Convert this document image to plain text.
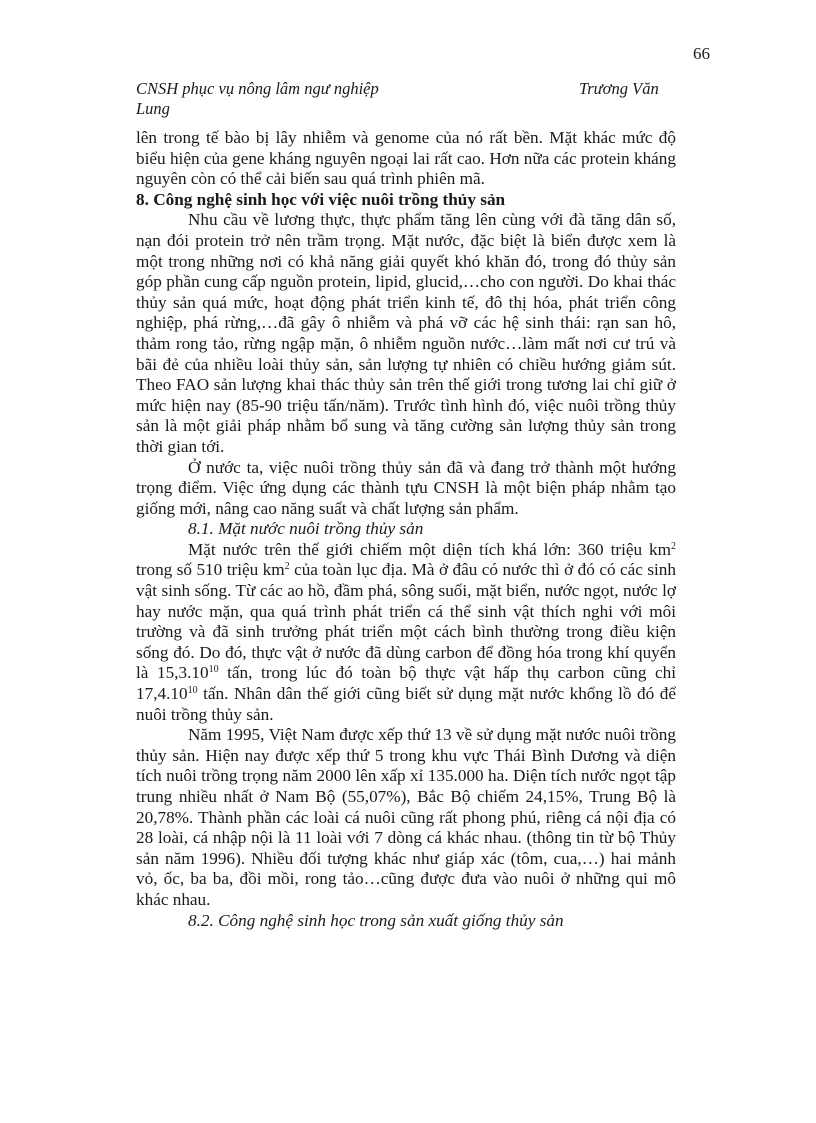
66
CNSH phục vụ nông lâm ngư nghiệp	Trương Văn
Lung

lên trong tế bào bị lây nhiễm và genome của nó rất bền. Mặt khác mức độ biểu hiện của gene kháng nguyên ngoại lai rất cao. Hơn nữa các protein kháng nguyên còn có thể cải biến sau quá trình phiên mã.

8. Công nghệ sinh học với việc nuôi trồng thủy sản

Nhu cầu về lương thực, thực phẩm tăng lên cùng với đà tăng dân số, nạn đói protein trở nên trầm trọng. Mặt nước, đặc biệt là biển được xem là một trong những nơi có khả năng giải quyết khó khăn đó, trong đó thủy sản góp phần cung cấp nguồn protein, lipid, glucid,…cho con người. Do khai thác thủy sản quá mức, hoạt động phát triển kinh tế, đô thị hóa, phát triển công nghiệp, phá rừng,…đã gây ô nhiễm và phá vỡ các hệ sinh thái: rạn san hô, thảm rong tảo, rừng ngập mặn, ô nhiễm nguồn nước…làm mất nơi cư trú và bãi đẻ của nhiều loài thủy sản, sản lượng tự nhiên có chiều hướng giảm sút. Theo FAO sản lượng khai thác thủy sản trên thế giới trong tương lai chỉ giữ ở mức hiện nay (85-90 triệu tấn/năm). Trước tình hình đó, việc nuôi trồng thủy sản là một giải pháp nhằm bổ sung và tăng cường sản lượng thủy sản trong thời gian tới.

Ở nước ta, việc nuôi trồng thủy sản đã và đang trở thành một hướng trọng điểm. Việc ứng dụng các thành tựu CNSH là một biện pháp nhằm tạo giống mới, nâng cao năng suất và chất lượng sản phẩm.

8.1. Mặt nước nuôi trồng thủy sản

Mặt nước trên thế giới chiếm một diện tích khá lớn: 360 triệu $km^2$ trong số 510 triệu $km^2$ của toàn lục địa. Mà ở đâu có nước thì ở đó có các sinh vật sinh sống. Từ các ao hồ, đầm phá, sông suối, mặt biển, nước ngọt, nước lợ hay nước mặn, qua quá trình phát triển cá thể sinh vật thích nghi với môi trường và đã sinh trưởng phát triển một cách bình thường trong điều kiện sống đó. Do đó, thực vật ở nước đã dùng carbon để đồng hóa trong khí quyển là 15,3.10$^{10}$ tấn, trong lúc đó toàn bộ thực vật hấp thụ carbon cũng chỉ 17,4.10$^{10}$ tấn. Nhân dân thế giới cũng biết sử dụng mặt nước khổng lồ đó để nuôi trồng thủy sản.

Năm 1995, Việt Nam được xếp thứ 13 về sử dụng mặt nước nuôi trồng thủy sản. Hiện nay được xếp thứ 5 trong khu vực Thái Bình Dương và diện tích nuôi trồng trọng năm 2000 lên xấp xỉ 135.000 ha. Diện tích nước ngọt tập trung nhiều nhất ở Nam Bộ (55,07%), Bắc Bộ chiếm 24,15%, Trung Bộ là 20,78%. Thành phần các loài cá nuôi cũng rất phong phú, riêng cá nội địa có 28 loài, cá nhập nội là 11 loài với 7 dòng cá khác nhau. (thông tin từ bộ Thủy sản năm 1996). Nhiều đối tượng khác như giáp xác (tôm, cua,…) hai mảnh vỏ, ốc, ba ba, đồi mồi, rong tảo…cũng được đưa vào nuôi ở những qui mô khác nhau.

8.2. Công nghệ sinh học trong sản xuất giống thủy sản
